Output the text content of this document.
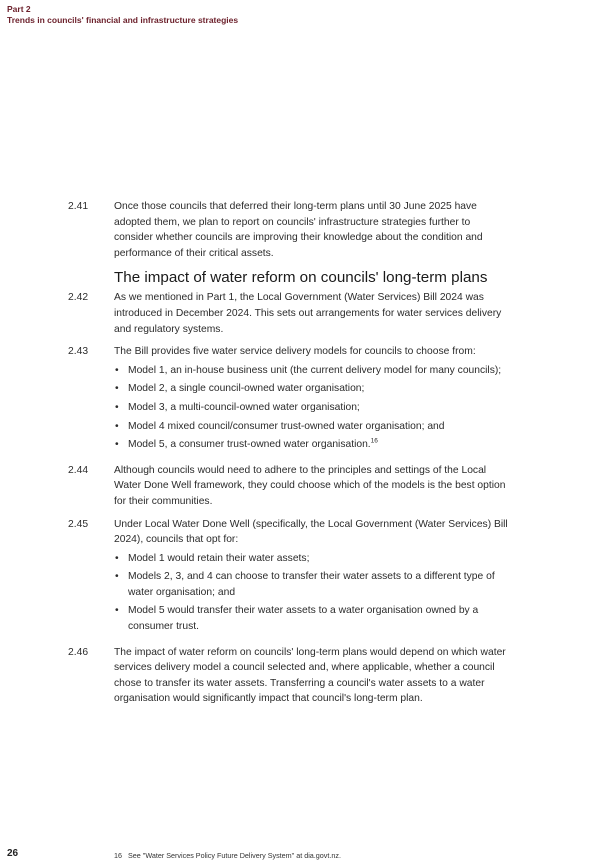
Part 2
Trends in councils' financial and infrastructure strategies
2.41	Once those councils that deferred their long-term plans until 30 June 2025 have adopted them, we plan to report on councils' infrastructure strategies further to consider whether councils are improving their knowledge about the condition and performance of their critical assets.
The impact of water reform on councils' long-term plans
2.42	As we mentioned in Part 1, the Local Government (Water Services) Bill 2024 was introduced in December 2024. This sets out arrangements for water services delivery and regulatory systems.
2.43	The Bill provides five water service delivery models for councils to choose from:
• Model 1, an in-house business unit (the current delivery model for many councils);
• Model 2, a single council-owned water organisation;
• Model 3, a multi-council-owned water organisation;
• Model 4 mixed council/consumer trust-owned water organisation; and
• Model 5, a consumer trust-owned water organisation.$^{16}$
2.44	Although councils would need to adhere to the principles and settings of the Local Water Done Well framework, they could choose which of the models is the best option for their communities.
2.45	Under Local Water Done Well (specifically, the Local Government (Water Services) Bill 2024), councils that opt for:
• Model 1 would retain their water assets;
• Models 2, 3, and 4 can choose to transfer their water assets to a different type of water organisation; and
• Model 5 would transfer their water assets to a water organisation owned by a consumer trust.
2.46	The impact of water reform on councils' long-term plans would depend on which water services delivery model a council selected and, where applicable, whether a council chose to transfer its water assets. Transferring a council's water assets to a water organisation would significantly impact that council's long-term plan.
26	16 See "Water Services Policy Future Delivery System" at dia.govt.nz.
